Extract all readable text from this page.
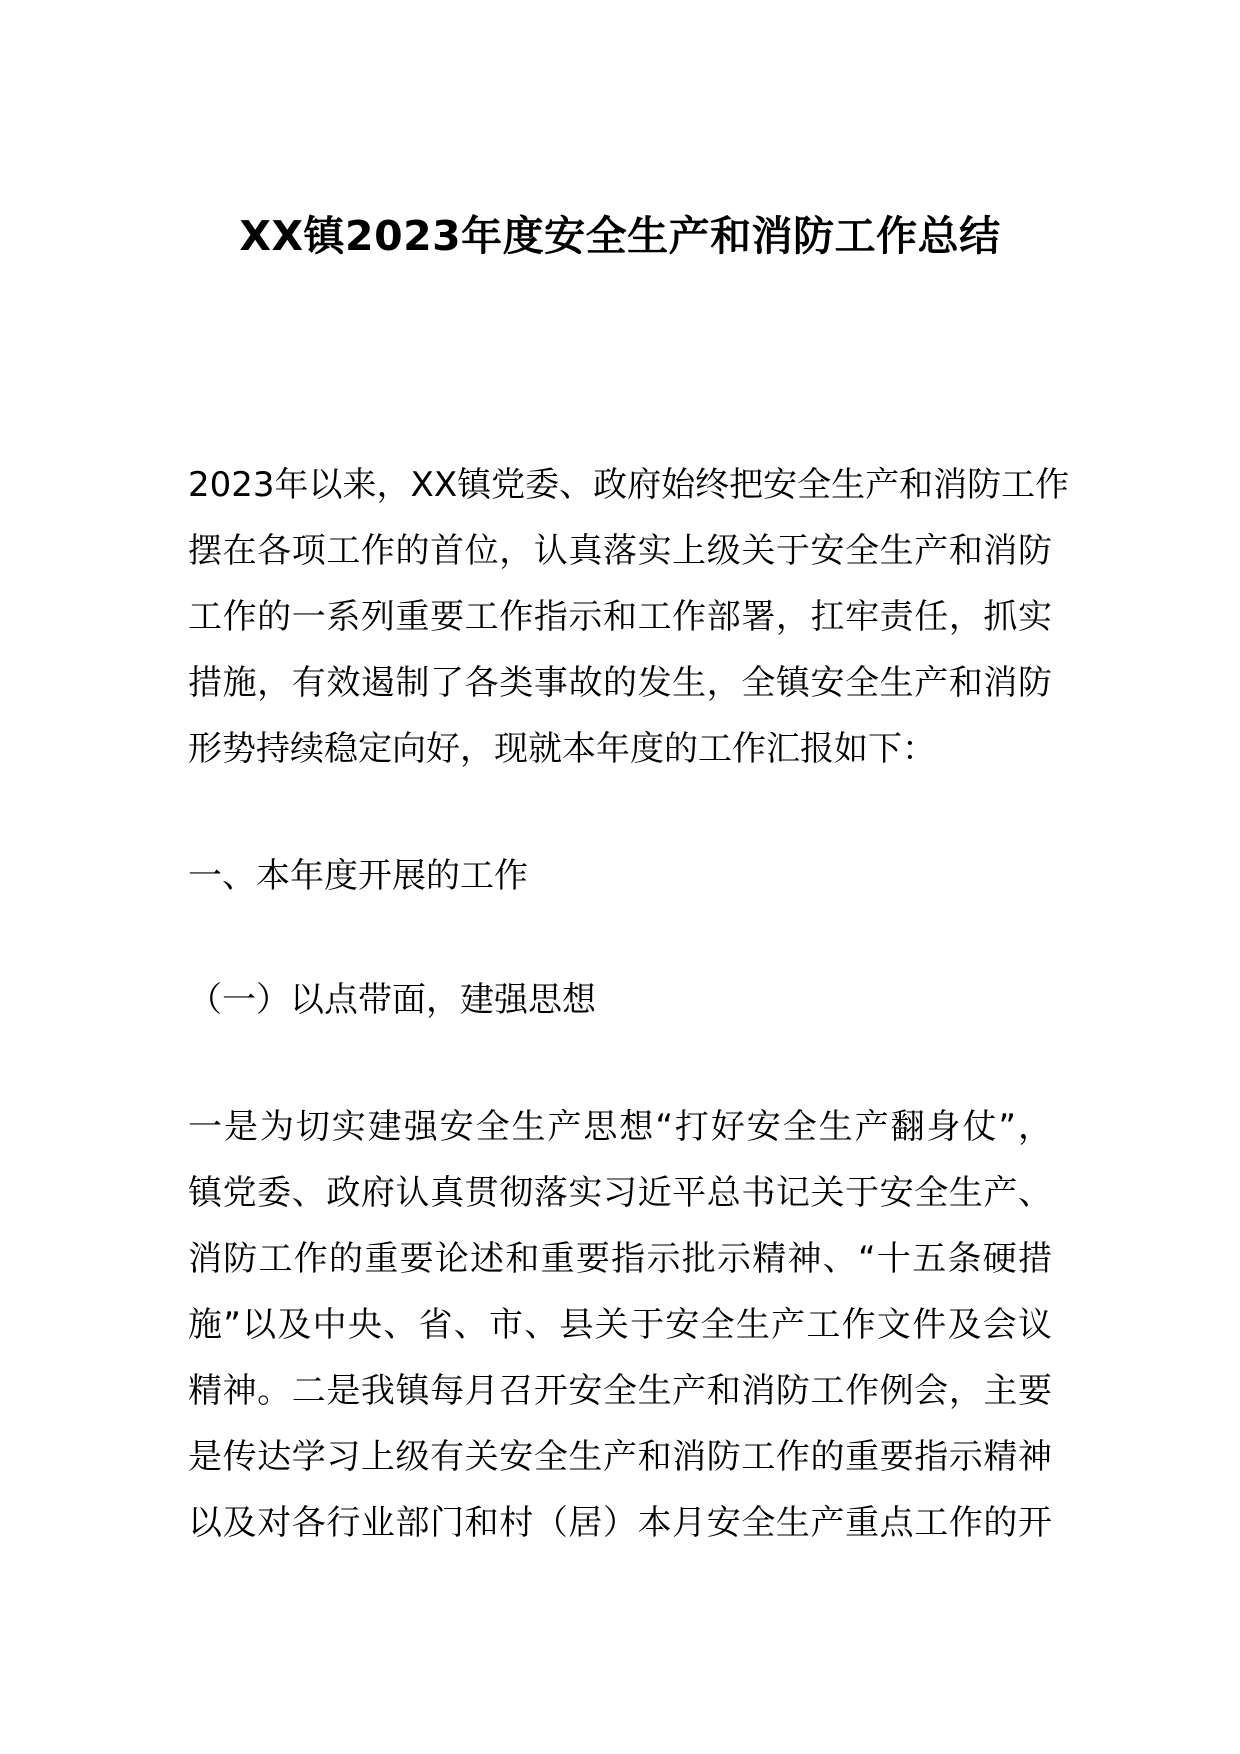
XX镇2023年度安全生产和消防工作总结
2023年以来，XX镇党委、政府始终把安全生产和消防工作
摆在各项工作的首位，认真落实上级关于安全生产和消防
工作的一系列重要工作指示和工作部署，扛牢责任，抓实
措施，有效遏制了各类事故的发生，全镇安全生产和消防
形势持续稳定向好，现就本年度的工作汇报如下：
一、本年度开展的工作
（一）以点带面，建强思想
一是为切实建强安全生产思想“打好安全生产翻身仗”，
镇党委、政府认真贯彻落实习近平总书记关于安全生产、
消防工作的重要论述和重要指示批示精神、“十五条硬措
施”以及中央、省、市、县关于安全生产工作文件及会议
精神。二是我镇每月召开安全生产和消防工作例会，主要
是传达学习上级有关安全生产和消防工作的重要指示精神
以及对各行业部门和村（居）本月安全生产重点工作的开
